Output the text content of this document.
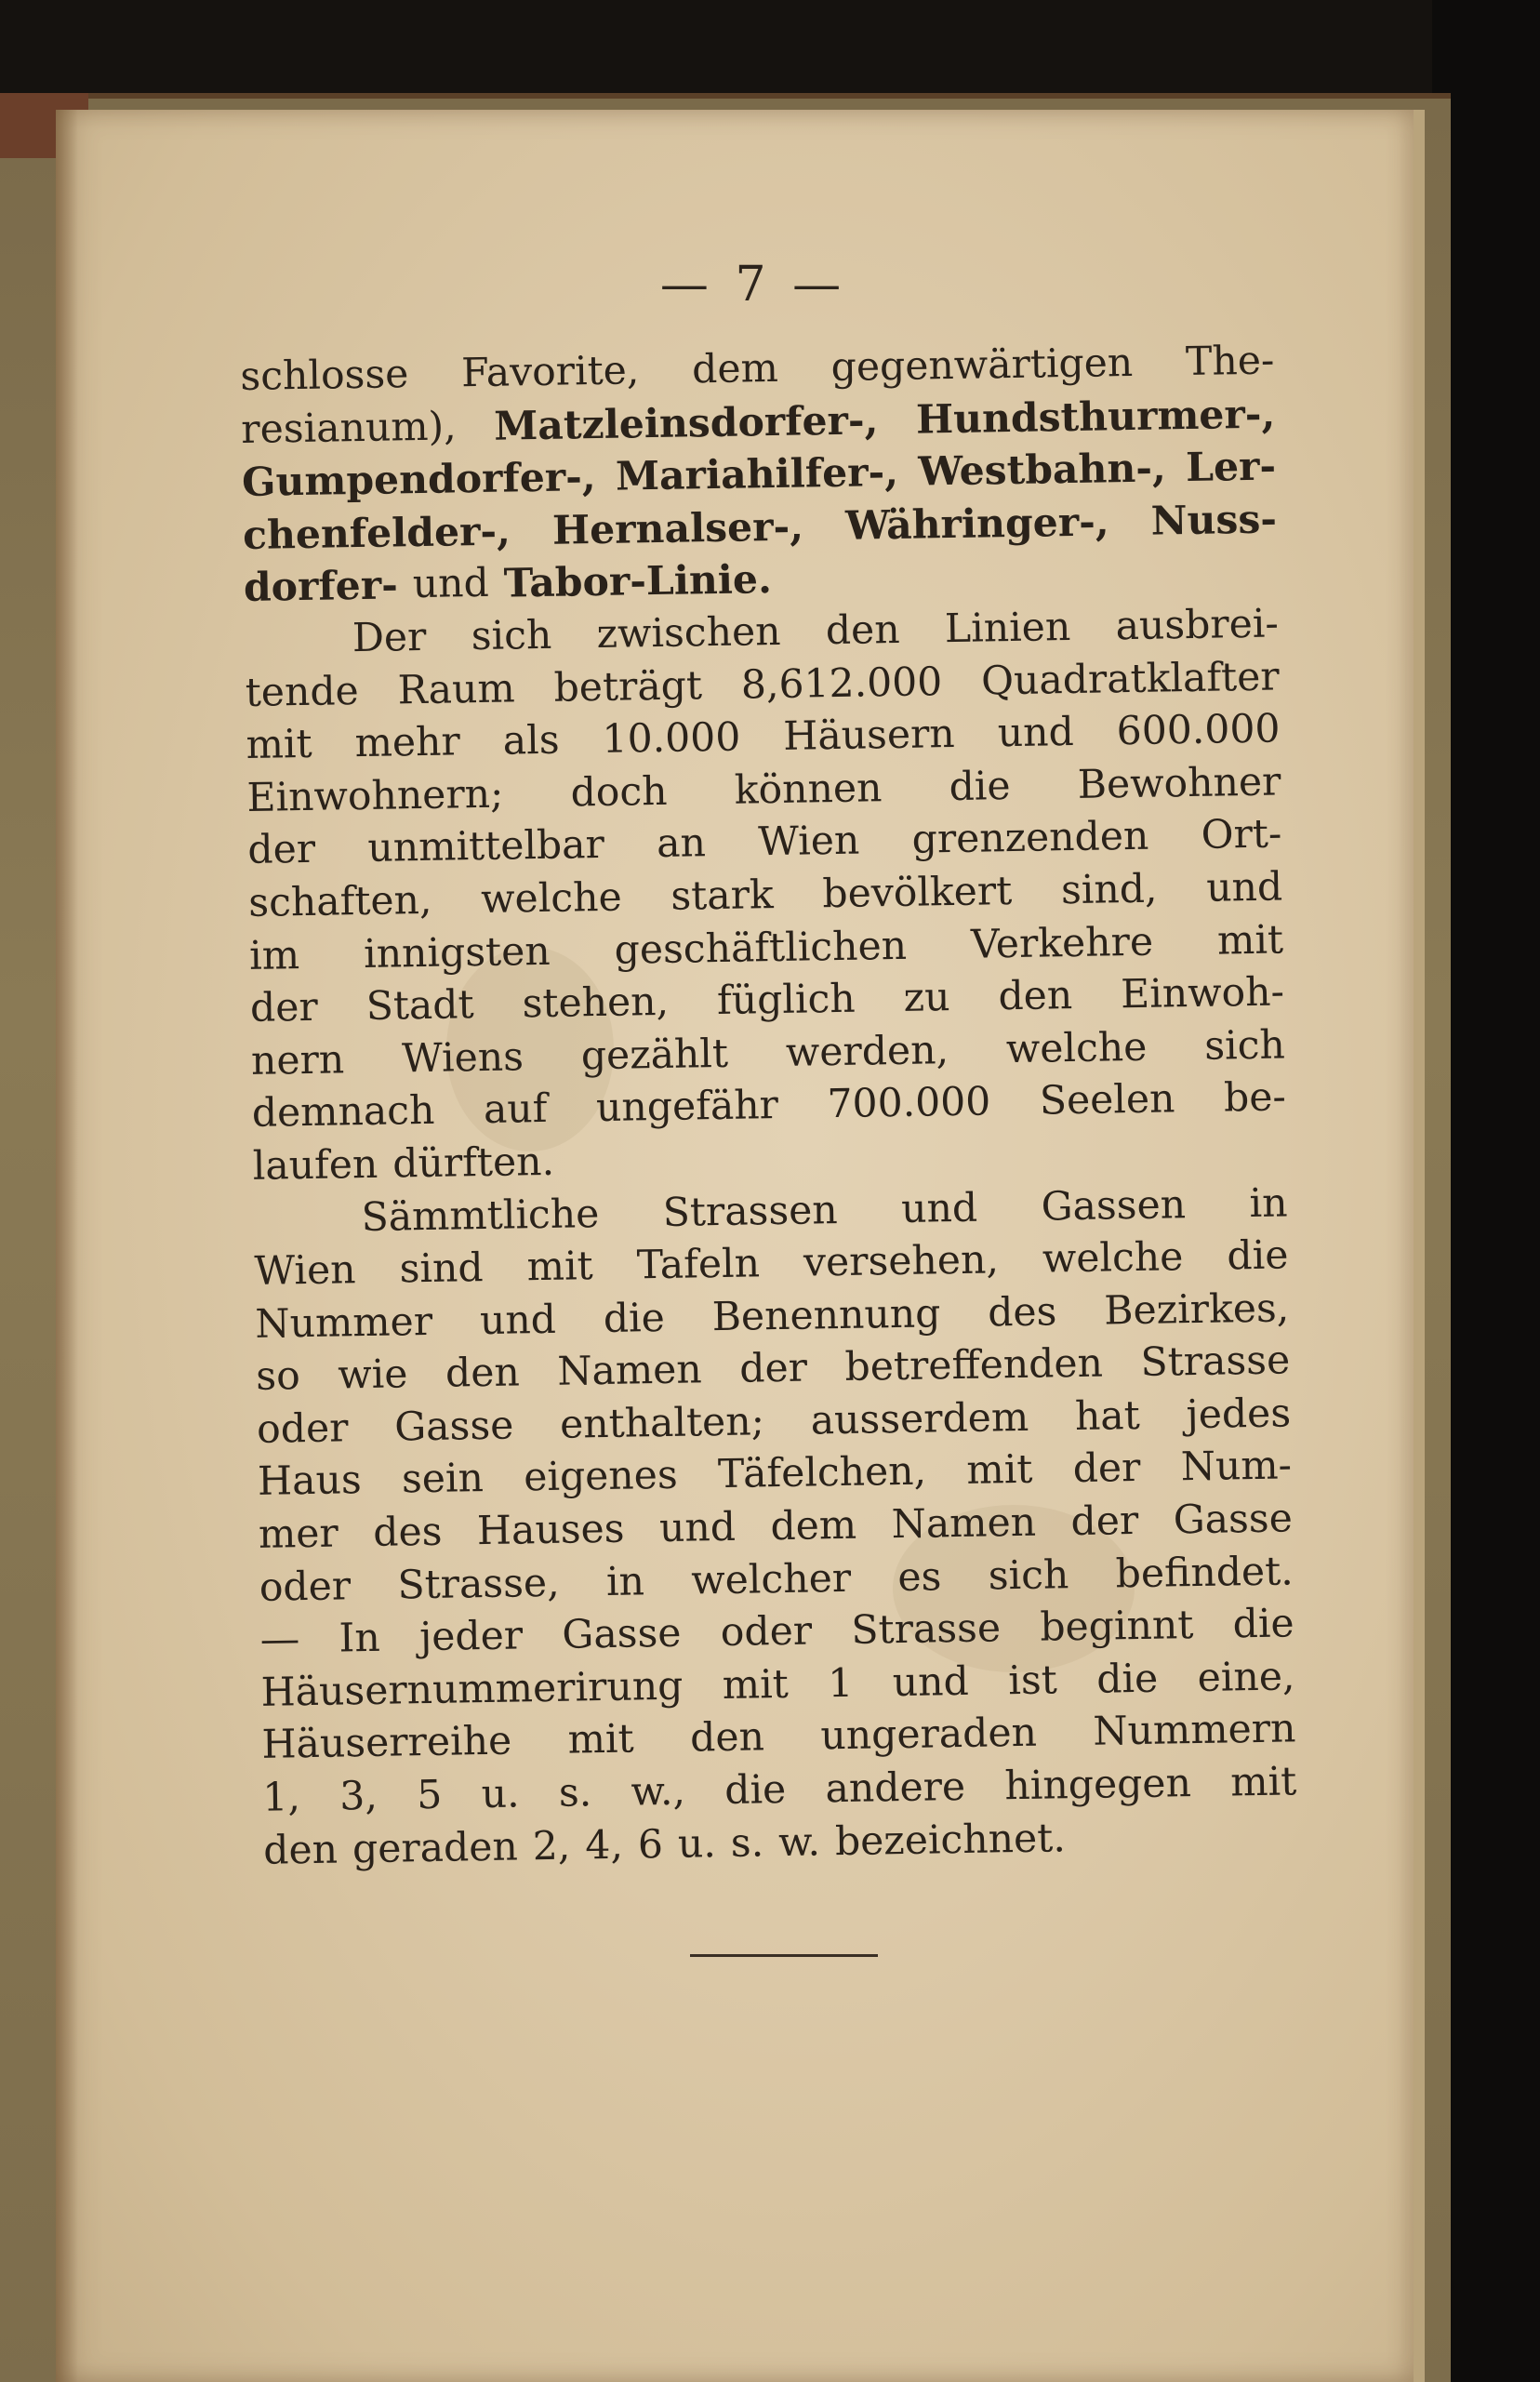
— 7 —
schlosse Favorite, dem gegenwärtigen The-
resianum), Matzleinsdorfer-, Hundsthurmer-,
Gumpendorfer-, Mariahilfer-, Westbahn-, Ler-
chenfelder-, Hernalser-, Währinger-, Nuss-
dorfer- und Tabor-Linie.
Der sich zwischen den Linien ausbrei-
tende Raum beträgt 8,612.000 Quadratklafter
mit mehr als 10.000 Häusern und 600.000
Einwohnern; doch können die Bewohner
der unmittelbar an Wien grenzenden Ort-
schaften, welche stark bevölkert sind, und
im innigsten geschäftlichen Verkehre mit
der Stadt stehen, füglich zu den Einwoh-
nern Wiens gezählt werden, welche sich
demnach auf ungefähr 700.000 Seelen be-
laufen dürften.
Sämmtliche Strassen und Gassen in
Wien sind mit Tafeln versehen, welche die
Nummer und die Benennung des Bezirkes,
so wie den Namen der betreffenden Strasse
oder Gasse enthalten; ausserdem hat jedes
Haus sein eigenes Täfelchen, mit der Num-
mer des Hauses und dem Namen der Gasse
oder Strasse, in welcher es sich befindet.
— In jeder Gasse oder Strasse beginnt die
Häusernummerirung mit 1 und ist die eine,
Häuserreihe mit den ungeraden Nummern
1, 3, 5 u. s. w., die andere hingegen mit
den geraden 2, 4, 6 u. s. w. bezeichnet.
